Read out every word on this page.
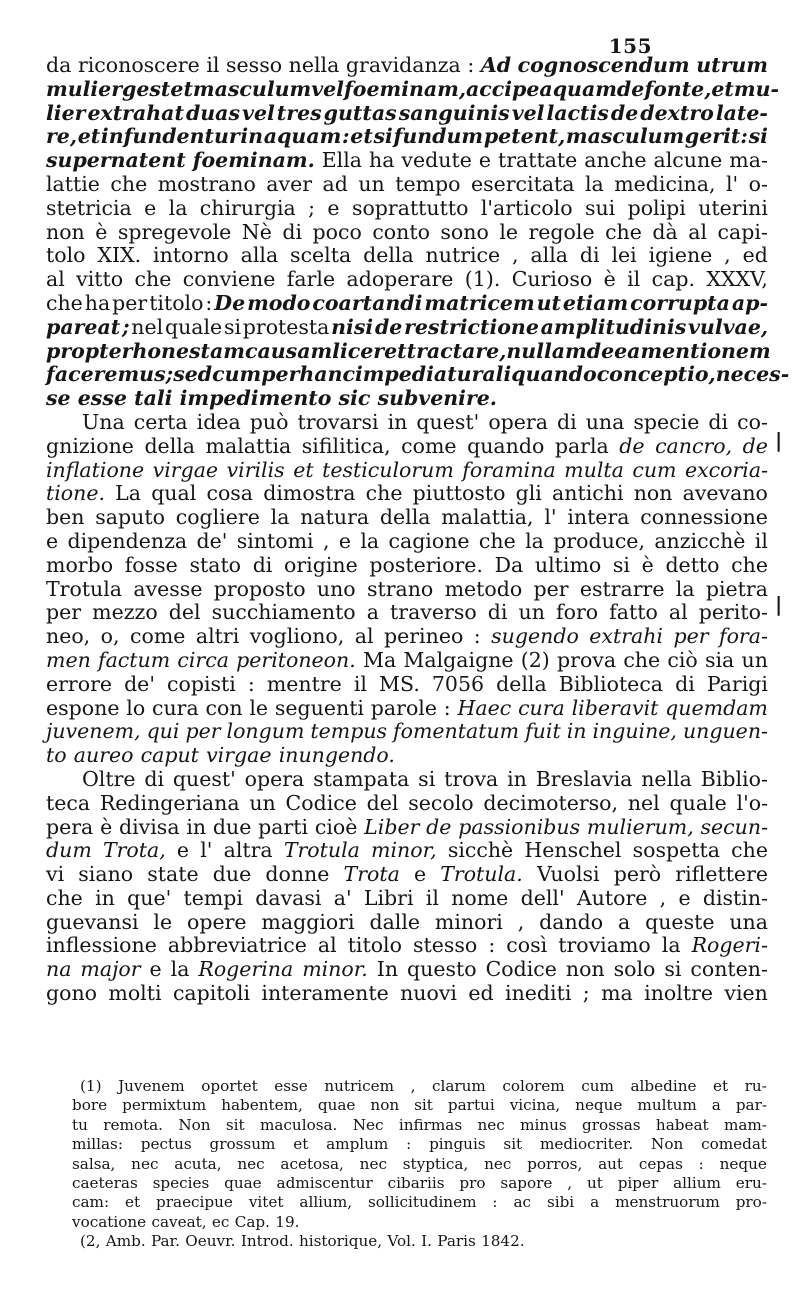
155
da riconoscere il sesso nella gravidanza : Ad cognoscendum utrum
mulier gestet masculum vel foeminam, accipe aquam de fonte, et mu-
lier extrahat duas vel tres guttas sanguinis vel lactis de dextro late-
re, et infundentur in aquam : et si fundum petent, masculum gerit: si
supernatent foeminam. Ella ha vedute e trattate anche alcune ma-
lattie che mostrano aver ad un tempo esercitata la medicina, l' o-
stetricia e la chirurgia ; e soprattutto l'articolo sui polipi uterini
non è spregevole Nè di poco conto sono le regole che dà al capi-
tolo XIX. intorno alla scelta della nutrice , alla di lei igiene , ed
al vitto che conviene farle adoperare (1). Curioso è il cap. XXXV,
che ha per titolo : De modo coartandi matricem ut etiam corrupta ap-
pareat ; nel quale si protesta nisi de restrictione amplitudinis vulvae,
propter honestam causam liceret tractare, nullam de ea mentionem
faceremus ; sed cum per hanc impediatur aliquando conceptio, neces-
se esse tali impedimento sic subvenire.
Una certa idea può trovarsi in quest' opera di una specie di co-
gnizione della malattia sifilitica, come quando parla de cancro, de
inflatione virgae virilis et testiculorum foramina multa cum excoria-
tione. La qual cosa dimostra che piuttosto gli antichi non avevano
ben saputo cogliere la natura della malattia, l' intera connessione
e dipendenza de' sintomi , e la cagione che la produce, anzicchè il
morbo fosse stato di origine posteriore. Da ultimo si è detto che
Trotula avesse proposto uno strano metodo per estrarre la pietra
per mezzo del succhiamento a traverso di un foro fatto al perito-
neo, o, come altri vogliono, al perineo : sugendo extrahi per fora-
men factum circa peritoneon. Ma Malgaigne (2) prova che ciò sia un
errore de' copisti : mentre il MS. 7056 della Biblioteca di Parigi
espone lo cura con le seguenti parole : Haec cura liberavit quemdam
juvenem, qui per longum tempus fomentatum fuit in inguine, unguen-
to aureo caput virgae inungendo.
Oltre di quest' opera stampata si trova in Breslavia nella Biblio-
teca Redingeriana un Codice del secolo decimoterso, nel quale l'o-
pera è divisa in due parti cioè Liber de passionibus mulierum, secun-
dum Trota, e l' altra Trotula minor, sicchè Henschel sospetta che
vi siano state due donne Trota e Trotula. Vuolsi però riflettere
che in que' tempi davasi a' Libri il nome dell' Autore , e distin-
guevansi le opere maggiori dalle minori , dando a queste una
inflessione abbreviatrice al titolo stesso : così troviamo la Rogeri-
na major e la Rogerina minor. In questo Codice non solo si conten-
gono molti capitoli interamente nuovi ed inediti ; ma inoltre vien
(1) Juvenem oportet esse nutricem , clarum colorem cum albedine et ru-
bore permixtum habentem, quae non sit partui vicina, neque multum a par-
tu remota. Non sit maculosa. Nec infirmas nec minus grossas habeat mam-
millas: pectus grossum et amplum : pinguis sit mediocriter. Non comedat
salsa, nec acuta, nec acetosa, nec styptica, nec porros, aut cepas : neque
caeteras species quae admiscentur cibariis pro sapore , ut piper allium eru-
cam: et praecipue vitet allium, sollicitudinem : ac sibi a menstruorum pro-
vocatione caveat, ec Cap. 19.
(2, Amb. Par. Oeuvr. Introd. historique, Vol. I. Paris 1842.
|
|
